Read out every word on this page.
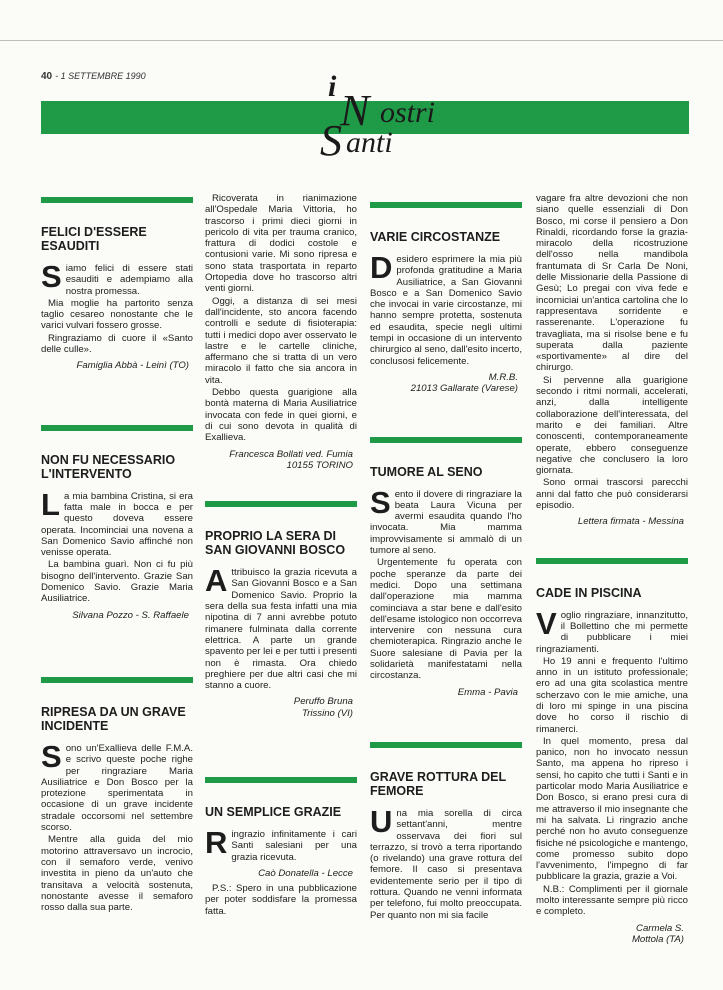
40 - 1 SETTEMBRE 1990	i N ostri
S anti
FELICI D'ESSERE ESAUDITI

Siamo felici di essere stati esauditi e adempiamo alla nostra promessa.

Mia moglie ha partorito senza taglio cesareo nonostante che le varici vulvari fossero grosse.

Ringraziamo di cuore il «Santo delle culle».

Famiglia Abbà - Leinì (TO)
NON FU NECESSARIO L'INTERVENTO

La mia bambina Cristina, si era fatta male in bocca e per questo doveva essere operata. Incominciai una novena a San Domenico Savio affinché non venisse operata.

La bambina guarì. Non ci fu più bisogno dell'intervento. Grazie San Domenico Savio. Grazie Maria Ausiliatrice.

Silvana Pozzo - S. Raffaele
RIPRESA DA UN GRAVE INCIDENTE

Sono un'Exallieva delle F.M.A. e scrivo queste poche righe per ringraziare Maria Ausiliatrice e Don Bosco per la protezione sperimentata in occasione di un grave incidente stradale occorsomi nel settembre scorso.

Mentre alla guida del mio motorino attraversavo un incrocio, con il semaforo verde, venivo investita in pieno da un'auto che transitava a velocità sostenuta, nonostante avesse il semaforo rosso dalla sua parte.

Ricoverata in rianimazione all'Ospedale Maria Vittoria, ho trascorso i primi dieci giorni in pericolo di vita per trauma cranico, frattura di dodici costole e contusioni varie. Mi sono ripresa e sono stata trasportata in reparto Ortopedia dove ho trascorso altri venti giorni.

Oggi, a distanza di sei mesi dall'incidente, sto ancora facendo controlli e sedute di fisioterapia: tutti i medici dopo aver osservato le lastre e le cartelle cliniche, affermano che si tratta di un vero miracolo il fatto che sia ancora in vita.

Debbo questa guarigione alla bontà materna di Maria Ausiliatrice invocata con fede in quei giorni, e di cui sono devota in qualità di Exallieva.

Francesca Bollati ved. Fumia
10155 TORINO
PROPRIO LA SERA DI SAN GIOVANNI BOSCO

Attribuisco la grazia ricevuta a San Giovanni Bosco e a San Domenico Savio. Proprio la sera della sua festa infatti una mia nipotina di 7 anni avrebbe potuto rimanere fulminata dalla corrente elettrica. A parte un grande spavento per lei e per tutti i presenti non è rimasta. Ora chiedo preghiere per due altri casi che mi stanno a cuore.

Peruffo Bruna
Trissino (VI)
UN SEMPLICE GRAZIE

Ringrazio infinitamente i cari Santi salesiani per una grazia ricevuta.

Caò Donatella - Lecce

P.S.: Spero in una pubblicazione per poter soddisfare la promessa fatta.

VARIE CIRCOSTANZE

Desidero esprimere la mia più profonda gratitudine a Maria Ausiliatrice, a San Giovanni Bosco e a San Domenico Savio che invocai in varie circostanze, mi hanno sempre protetta, sostenuta ed esaudita, specie negli ultimi tempi in occasione di un intervento chirurgico al seno, dall'esito incerto, conclusosi felicemente.

M.R.B.
21013 Gallarate (Varese)
TUMORE AL SENO

Sento il dovere di ringraziare la beata Laura Vicuna per avermi esaudita quando l'ho invocata. Mia mamma improvvisamente si ammalò di un tumore al seno.

Urgentemente fu operata con poche speranze da parte dei medici. Dopo una settimana dall'operazione mia mamma cominciava a star bene e dall'esito dell'esame istologico non occorreva intervenire con nessuna cura chemioterapica. Ringrazio anche le Suore salesiane di Pavia per la solidarietà manifestatami nella circostanza.

Emma - Pavia
GRAVE ROTTURA DEL FEMORE

Una mia sorella di circa settant'anni, mentre osservava dei fiori sul terrazzo, si trovò a terra riportando (o rivelando) una grave rottura del femore. Il caso si presentava evidentemente serio per il tipo di rottura. Quando ne venni informata per telefono, fui molto preoccupata. Per quanto non mi sia facile

vagare fra altre devozioni che non siano quelle essenziali di Don Bosco, mi corse il pensiero a Don Rinaldi, ricordando forse la grazia-miracolo della ricostruzione dell'osso nella mandibola frantumata di Sr Carla De Noni, delle Missionarie della Passione di Gesù; Lo pregai con viva fede e incorniciai un'antica cartolina che lo rappresentava sorridente e rasserenante. L'operazione fu travagliata, ma si risolse bene e fu superata dalla paziente «sportivamente» al dire del chirurgo.

Si pervenne alla guarigione secondo i ritmi normali, accelerati, anzi, dalla intelligente collaborazione dell'interessata, del marito e dei familiari. Altre conoscenti, contemporaneamente operate, ebbero conseguenze negative che conclusero la loro giornata.

Sono ormai trascorsi parecchi anni dal fatto che può considerarsi episodio.

Lettera firmata - Messina
CADE IN PISCINA

Voglio ringraziare, innanzitutto, il Bollettino che mi permette di pubblicare i miei ringraziamenti.

Ho 19 anni e frequento l'ultimo anno in un istituto professionale; ero ad una gita scolastica mentre scherzavo con le mie amiche, una di loro mi spinge in una piscina dove ho corso il rischio di rimanerci.

In quel momento, presa dal panico, non ho invocato nessun Santo, ma appena ho ripreso i sensi, ho capito che tutti i Santi e in particolar modo Maria Ausiliatrice e Don Bosco, si erano presi cura di me attraverso il mio insegnante che mi ha salvata. Li ringrazio anche perché non ho avuto conseguenze fisiche né psicologiche e mantengo, come promesso subito dopo l'avvenimento, l'impegno di far pubblicare la grazia, grazie a Voi.

N.B.: Complimenti per il giornale molto interessante sempre più ricco e completo.

Carmela S.
Mottola (TA)
